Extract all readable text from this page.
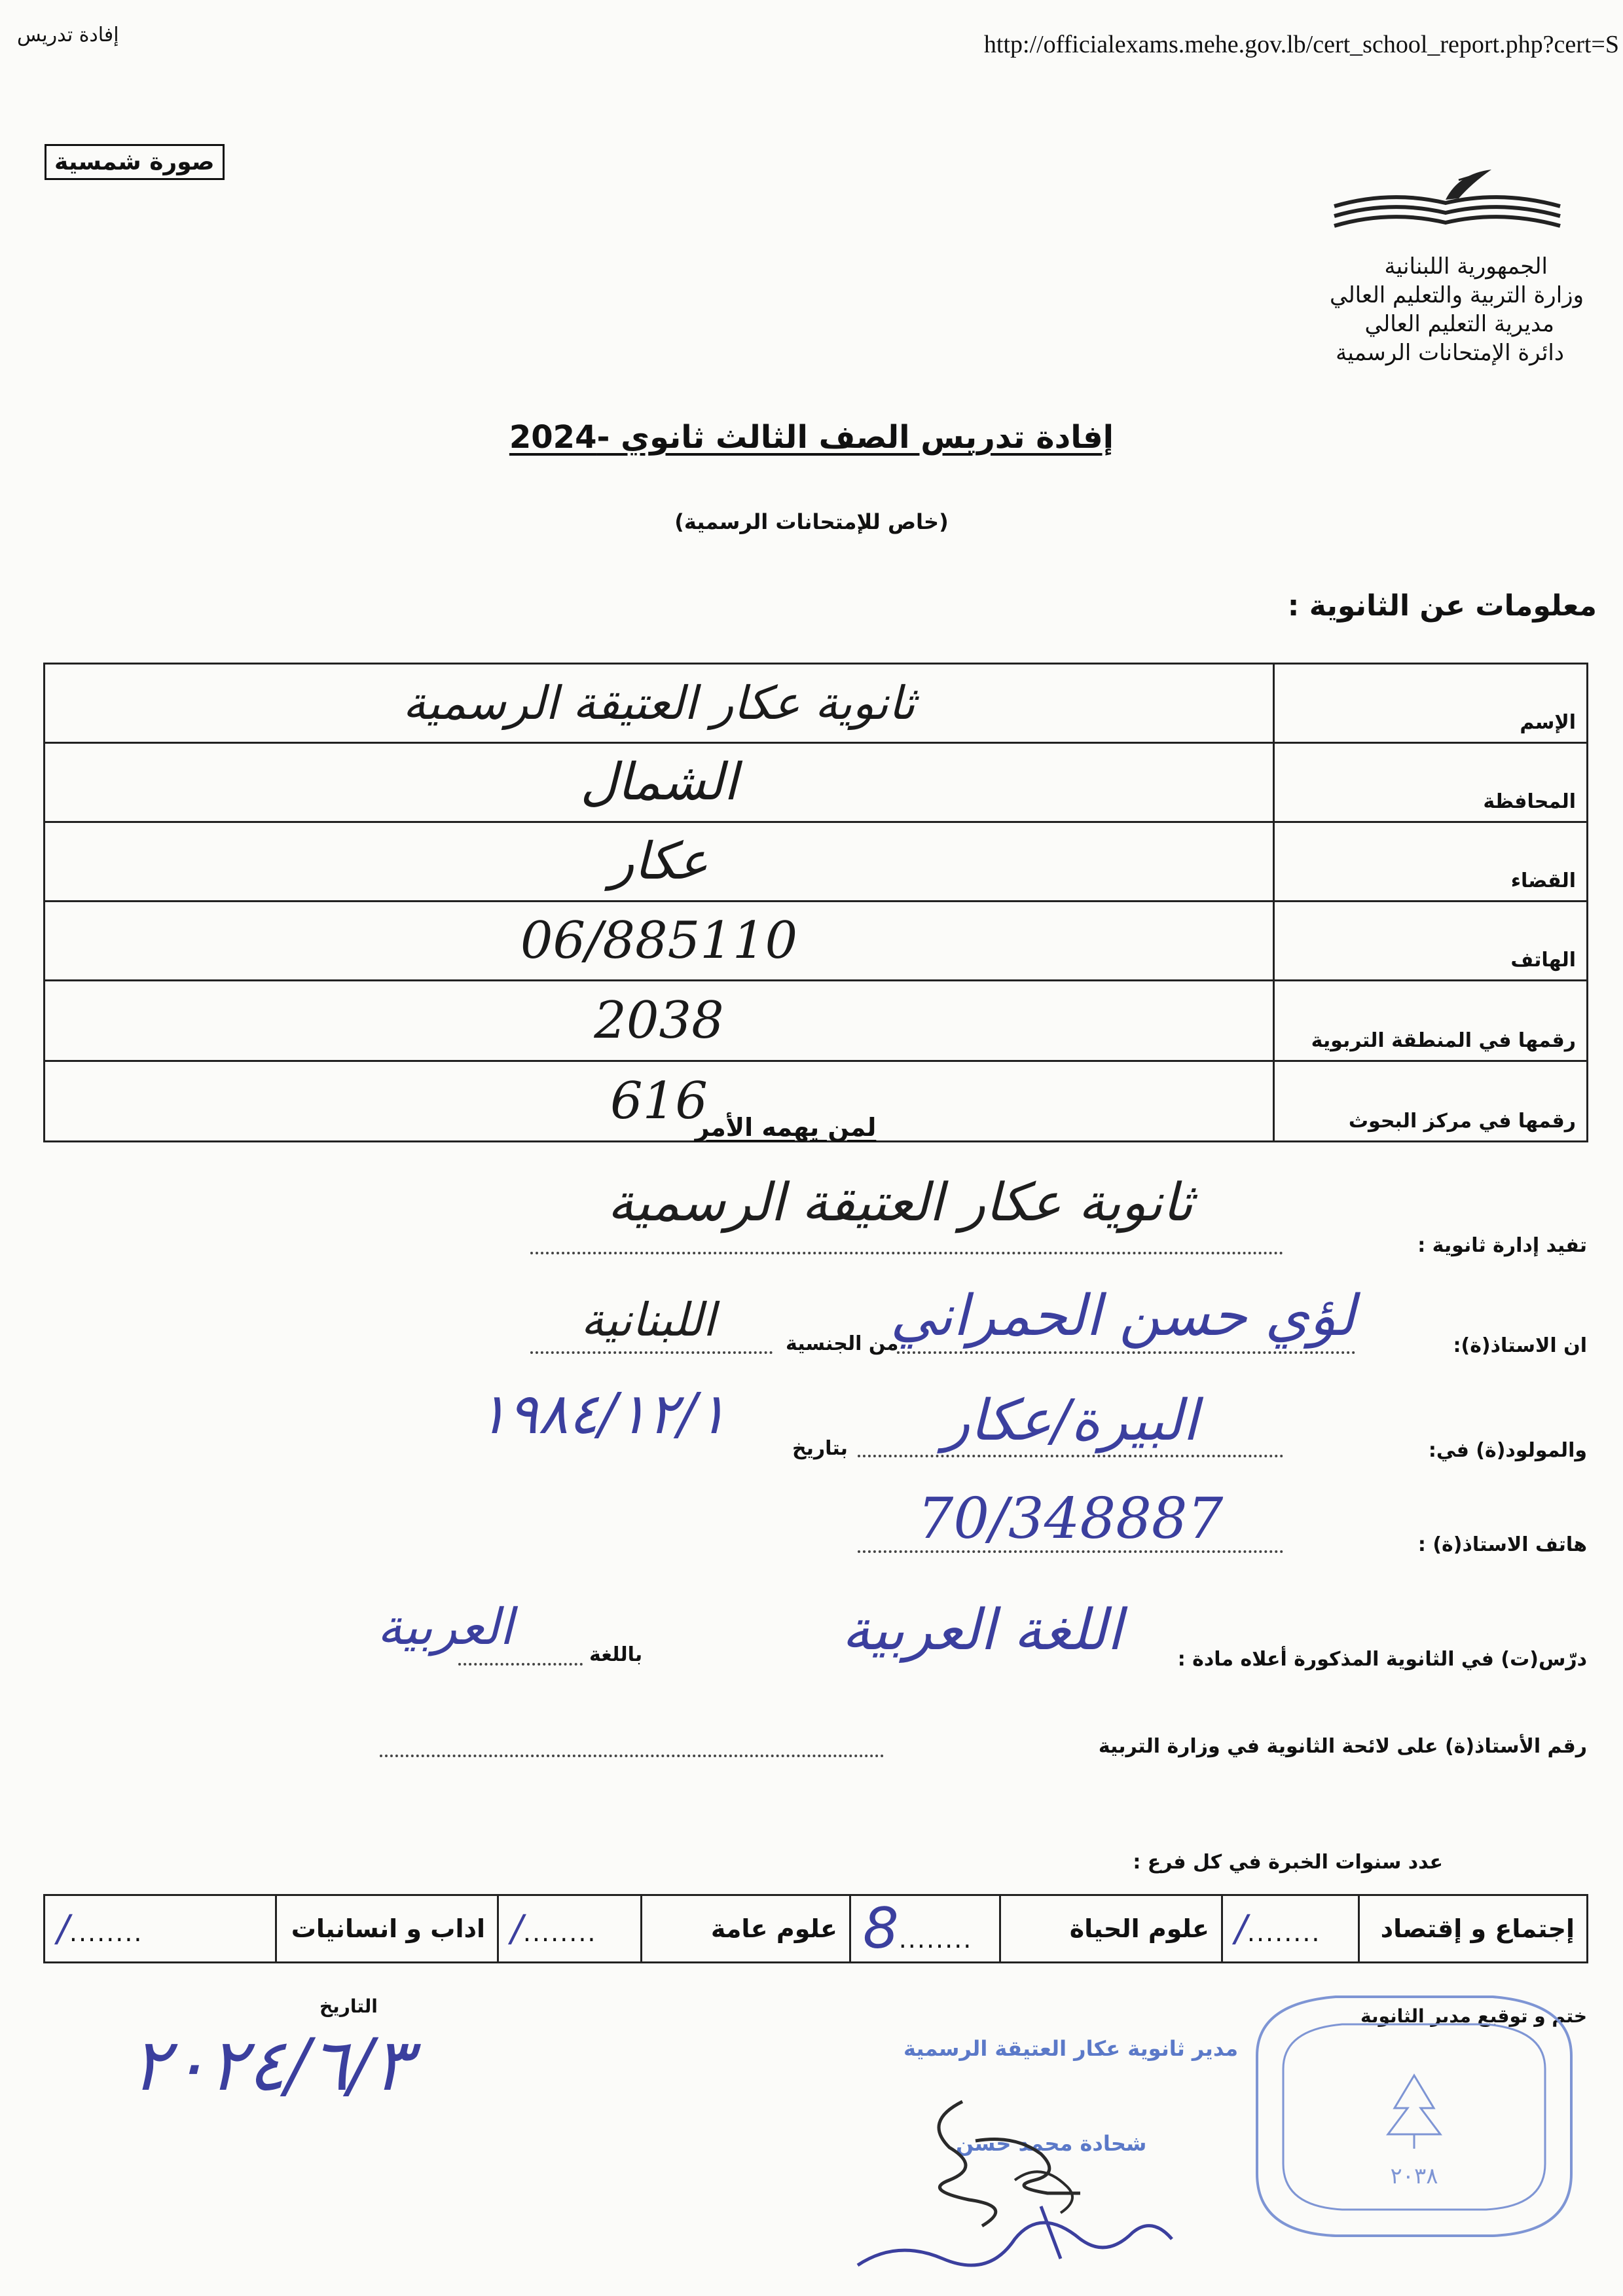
إفادة تدريس	http://officialexams.mehe.gov.lb/cert_school_report.php?cert=S
صورة شمسية
الجمهورية اللبنانية
وزارة التربية والتعليم العالي
مديرية التعليم العالي
دائرة الإمتحانات الرسمية
إفادة تدريس الصف الثالث ثانوي -2024
(خاص للإمتحانات الرسمية)
معلومات عن الثانوية :
الإسم	ثانوية عكار العتيقة الرسمية
المحافظة	الشمال
القضاء	عكار
الهاتف	06/885110
رقمها في المنطقة التربوية	2038
رقمها في مركز البحوث	616
لمن يهمه الأمر
تفيد إدارة ثانوية :
ثانوية عكار العتيقة الرسمية
ان الاستاذ(ة):
لؤي حسن الحمراني
من الجنسية
اللبنانية
والمولود(ة) في:
البيرة/عكار
بتاريخ
١٩٨٤/١٢/١
هاتف الاستاذ(ة) :
70/348887
درّس(ت) في الثانوية المذكورة أعلاه مادة :
اللغة العربية
باللغة
العربية
رقم الأستاذ(ة) على لائحة الثانوية في وزارة التربية
عدد سنوات الخبرة في كل فرع :
إجتماع و إقتصاد	......../	علوم الحياة	........8	علوم عامة	......../	اداب و انسانيات	......../
ختم و توقيع مدير الثانوية
التاريخ
٢٠٢٤/٦/٣	مدير ثانوية عكار العتيقة الرسمية
شحادة محمد حسن
٢٠٣٨
